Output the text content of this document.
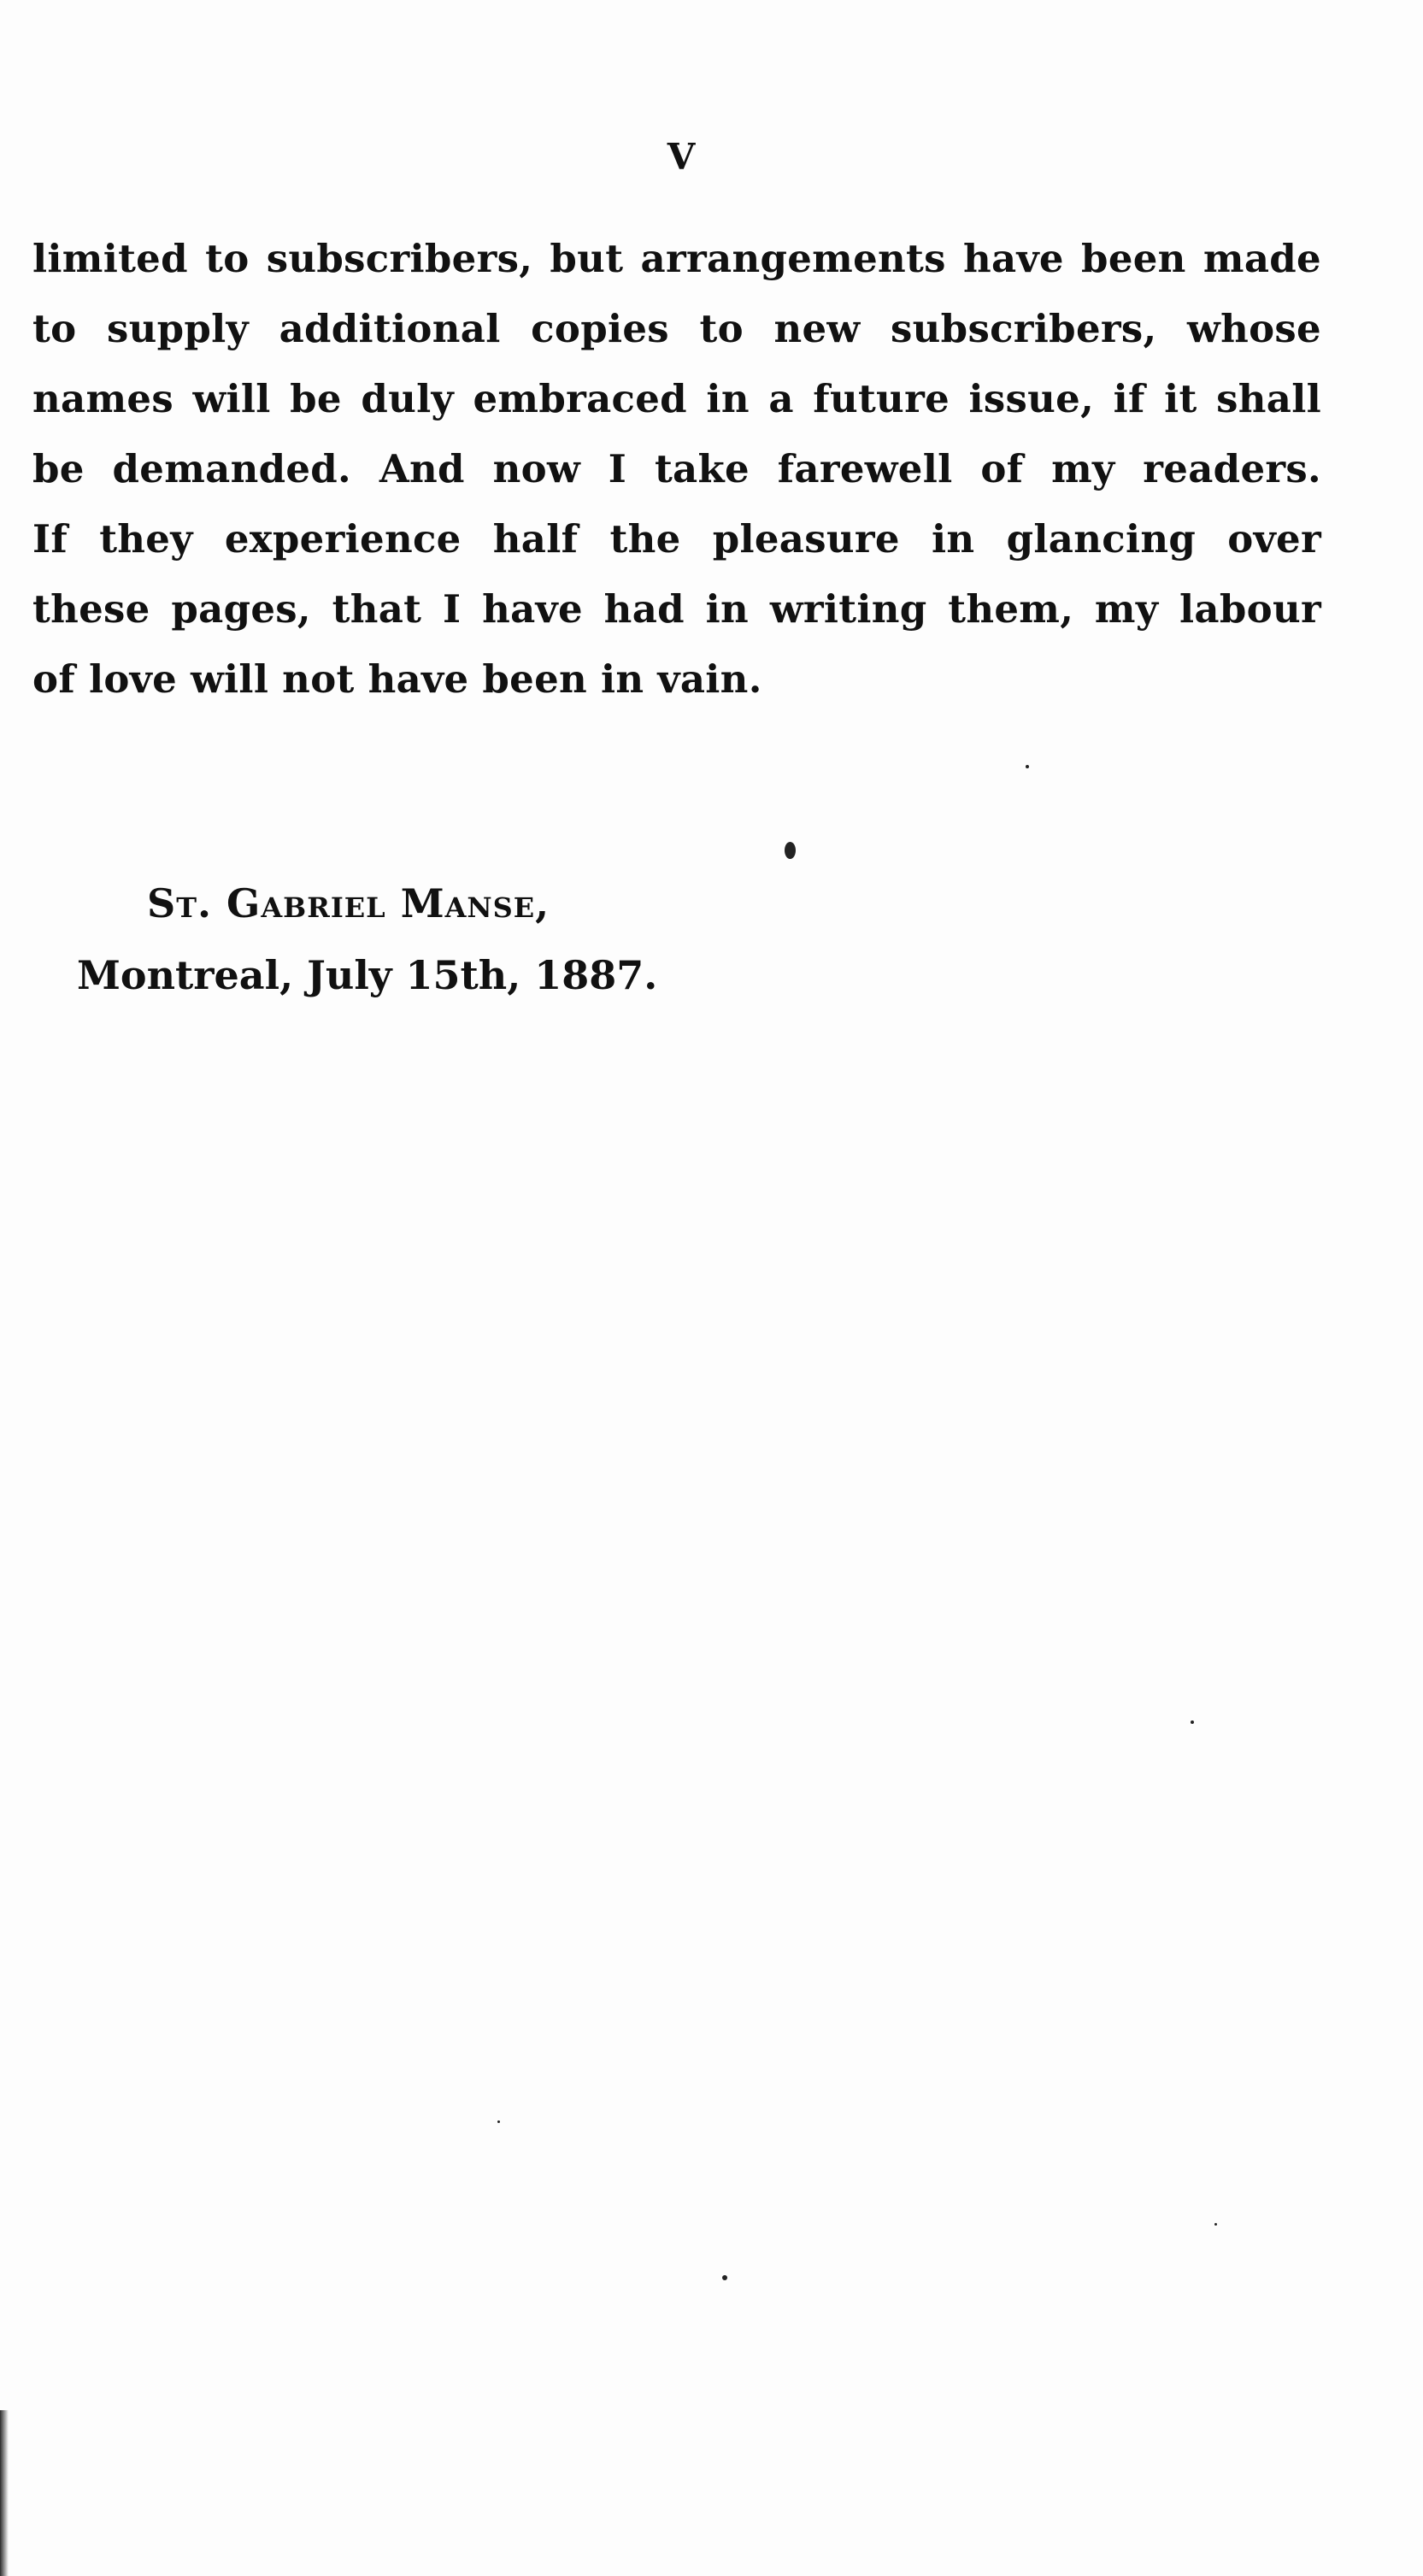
V
limited to subscribers, but arrangements have been made
to supply additional copies to new subscribers, whose
names will be duly embraced in a future issue, if it shall
be demanded. And now I take farewell of my readers.
If they experience half the pleasure in glancing over
these pages, that I have had in writing them, my labour
of love will not have been in vain.
St. Gabriel Manse,
Montreal, July 15th, 1887.
